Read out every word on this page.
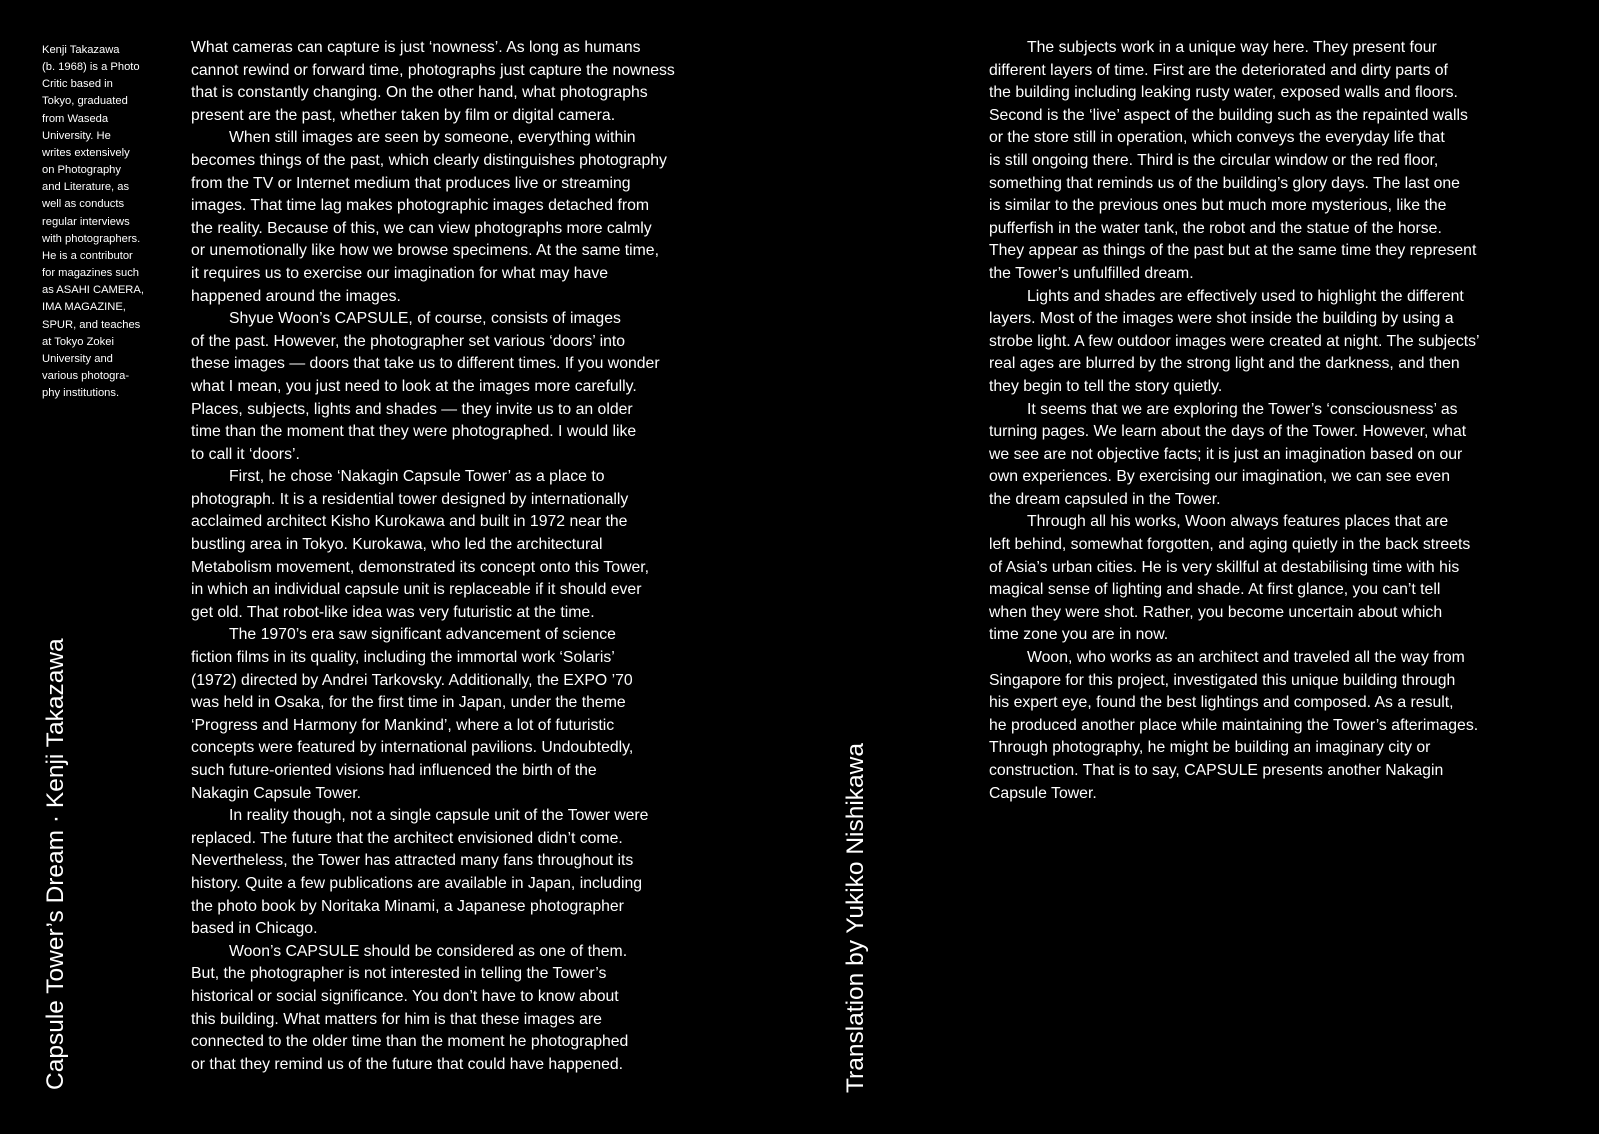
Kenji Takazawa
(b. 1968) is a Photo
Critic based in
Tokyo, graduated
from Waseda
University. He
writes extensively
on Photography
and Literature, as
well as conducts
regular interviews
with photographers.
He is a contributor
for magazines such
as ASAHI CAMERA,
IMA MAGAZINE,
SPUR, and teaches
at Tokyo Zokei
University and
various photogra-
phy institutions.
Capsule Tower’s Dream · Kenji Takazawa

What cameras can capture is just ‘nowness’. As long as humans
cannot rewind or forward time, photographs just capture the nowness
that is constantly changing. On the other hand, what photographs
present are the past, whether taken by film or digital camera.

When still images are seen by someone, everything within
becomes things of the past, which clearly distinguishes photography
from the TV or Internet medium that produces live or streaming
images. That time lag makes photographic images detached from
the reality. Because of this, we can view photographs more calmly
or unemotionally like how we browse specimens. At the same time,
it requires us to exercise our imagination for what may have
happened around the images.

Shyue Woon’s CAPSULE, of course, consists of images
of the past. However, the photographer set various ‘doors’ into
these images — doors that take us to different times. If you wonder
what I mean, you just need to look at the images more carefully.
Places, subjects, lights and shades — they invite us to an older
time than the moment that they were photographed. I would like
to call it ‘doors’.

First, he chose ‘Nakagin Capsule Tower’ as a place to
photograph. It is a residential tower designed by internationally
acclaimed architect Kisho Kurokawa and built in 1972 near the
bustling area in Tokyo. Kurokawa, who led the architectural
Metabolism movement, demonstrated its concept onto this Tower,
in which an individual capsule unit is replaceable if it should ever
get old. That robot-like idea was very futuristic at the time.

The 1970’s era saw significant advancement of science
fiction films in its quality, including the immortal work ‘Solaris’
(1972) directed by Andrei Tarkovsky. Additionally, the EXPO ’70
was held in Osaka, for the first time in Japan, under the theme
‘Progress and Harmony for Mankind’, where a lot of futuristic
concepts were featured by international pavilions. Undoubtedly,
such future-oriented visions had influenced the birth of the
Nakagin Capsule Tower.

In reality though, not a single capsule unit of the Tower were
replaced. The future that the architect envisioned didn’t come.
Nevertheless, the Tower has attracted many fans throughout its
history. Quite a few publications are available in Japan, including
the photo book by Noritaka Minami, a Japanese photographer
based in Chicago.

Woon’s CAPSULE should be considered as one of them.
But, the photographer is not interested in telling the Tower’s
historical or social significance. You don’t have to know about
this building. What matters for him is that these images are
connected to the older time than the moment he photographed
or that they remind us of the future that could have happened.	Translation by Yukiko Nishikawa

The subjects work in a unique way here. They present four
different layers of time. First are the deteriorated and dirty parts of
the building including leaking rusty water, exposed walls and floors.
Second is the ‘live’ aspect of the building such as the repainted walls
or the store still in operation, which conveys the everyday life that
is still ongoing there. Third is the circular window or the red floor,
something that reminds us of the building’s glory days. The last one
is similar to the previous ones but much more mysterious, like the
pufferfish in the water tank, the robot and the statue of the horse.
They appear as things of the past but at the same time they represent
the Tower’s unfulfilled dream.

Lights and shades are effectively used to highlight the different
layers. Most of the images were shot inside the building by using a
strobe light. A few outdoor images were created at night. The subjects’
real ages are blurred by the strong light and the darkness, and then
they begin to tell the story quietly.

It seems that we are exploring the Tower’s ‘consciousness’ as
turning pages. We learn about the days of the Tower. However, what
we see are not objective facts; it is just an imagination based on our
own experiences. By exercising our imagination, we can see even
the dream capsuled in the Tower.

Through all his works, Woon always features places that are
left behind, somewhat forgotten, and aging quietly in the back streets
of Asia’s urban cities. He is very skillful at destabilising time with his
magical sense of lighting and shade. At first glance, you can’t tell
when they were shot. Rather, you become uncertain about which
time zone you are in now.

Woon, who works as an architect and traveled all the way from
Singapore for this project, investigated this unique building through
his expert eye, found the best lightings and composed. As a result,
he produced another place while maintaining the Tower’s afterimages.
Through photography, he might be building an imaginary city or
construction. That is to say, CAPSULE presents another Nakagin
Capsule Tower.
